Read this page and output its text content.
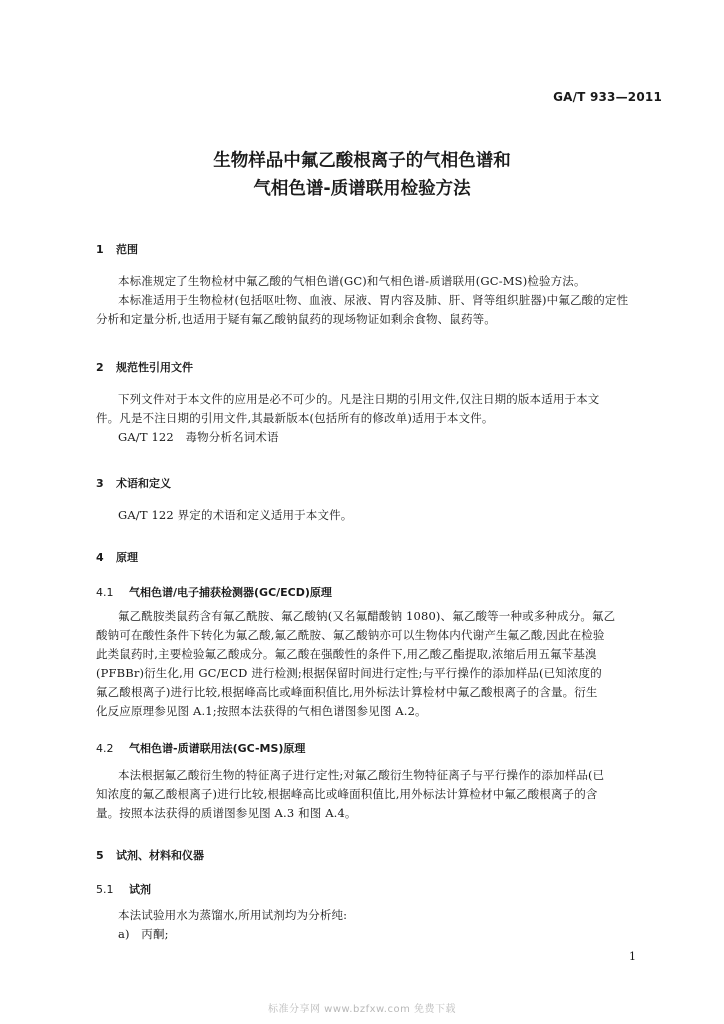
GA/T 933—2011
生物样品中氟乙酸根离子的气相色谱和
气相色谱-质谱联用检验方法
1 范围
本标准规定了生物检材中氟乙酸的气相色谱(GC)和气相色谱-质谱联用(GC-MS)检验方法。
本标准适用于生物检材(包括呕吐物、血液、尿液、胃内容及肺、肝、肾等组织脏器)中氟乙酸的定性
分析和定量分析,也适用于疑有氟乙酸钠鼠药的现场物证如剩余食物、鼠药等。
2 规范性引用文件
下列文件对于本文件的应用是必不可少的。凡是注日期的引用文件,仅注日期的版本适用于本文
件。凡是不注日期的引用文件,其最新版本(包括所有的修改单)适用于本文件。
GA/T 122　毒物分析名词术语
3 术语和定义
GA/T 122 界定的术语和定义适用于本文件。
4 原理
4.1 气相色谱/电子捕获检测器(GC/ECD)原理
氟乙酰胺类鼠药含有氟乙酰胺、氟乙酸钠(又名氟醋酸钠 1080)、氟乙酸等一种或多种成分。氟乙
酸钠可在酸性条件下转化为氟乙酸,氟乙酰胺、氟乙酸钠亦可以生物体内代谢产生氟乙酸,因此在检验
此类鼠药时,主要检验氟乙酸成分。氟乙酸在强酸性的条件下,用乙酸乙酯提取,浓缩后用五氟苄基溴
(PFBBr)衍生化,用 GC/ECD 进行检测;根据保留时间进行定性;与平行操作的添加样品(已知浓度的
氟乙酸根离子)进行比较,根据峰高比或峰面积值比,用外标法计算检材中氟乙酸根离子的含量。衍生
化反应原理参见图 A.1;按照本法获得的气相色谱图参见图 A.2。
4.2 气相色谱-质谱联用法(GC-MS)原理
本法根据氟乙酸衍生物的特征离子进行定性;对氟乙酸衍生物特征离子与平行操作的添加样品(已
知浓度的氟乙酸根离子)进行比较,根据峰高比或峰面积值比,用外标法计算检材中氟乙酸根离子的含
量。按照本法获得的质谱图参见图 A.3 和图 A.4。
5 试剂、材料和仪器
5.1 试剂
本法试验用水为蒸馏水,所用试剂均为分析纯:
a)　丙酮;
1
标准分享网 www.bzfxw.com 免费下载
